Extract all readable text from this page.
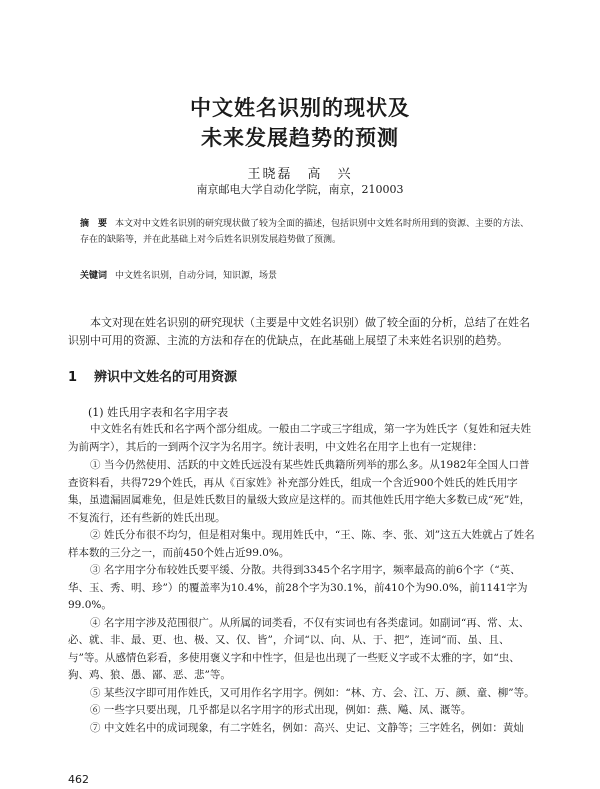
中文姓名识别的现状及
未来发展趋势的预测
王晓磊　高　兴
南京邮电大学自动化学院，南京，210003
摘　要 本文对中文姓名识别的研究现状做了较为全面的描述，包括识别中文姓名时所用到的资源、主要的方法、存在的缺陷等，并在此基础上对今后姓名识别发展趋势做了预测。
关键词 中文姓名识别，自动分词，知识源，场景
本文对现在姓名识别的研究现状（主要是中文姓名识别）做了较全面的分析，总结了在姓名识别中可用的资源、主流的方法和存在的优缺点，在此基础上展望了未来姓名识别的趋势。
1 辨识中文姓名的可用资源
(1) 姓氏用字表和名字用字表

中文姓名有姓氏和名字两个部分组成。一般由二字或三字组成，第一字为姓氏字（复姓和冠夫姓为前两字），其后的一到两个汉字为名用字。统计表明，中文姓名在用字上也有一定规律：

① 当今仍然使用、活跃的中文姓氏远没有某些姓氏典籍所列举的那么多。从1982年全国人口普查资料看，共得729个姓氏，再从《百家姓》补充部分姓氏，组成一个含近900个姓氏的姓氏用字集，虽遗漏固属难免，但是姓氏数目的量级大致应是这样的。而其他姓氏用字绝大多数已成“死”姓，不复流行，还有些新的姓氏出现。

② 姓氏分布很不均匀，但是相对集中。现用姓氏中，“王、陈、李、张、刘”这五大姓就占了姓名样本数的三分之一，而前450个姓占近99.0%。

③ 名字用字分布较姓氏要平缓、分散。共得到3345个名字用字，频率最高的前6个字（“英、华、玉、秀、明、珍”）的覆盖率为10.4%，前28个字为30.1%，前410个为90.0%，前1141字为99.0%。

④ 名字用字涉及范围很广。从所属的词类看，不仅有实词也有各类虚词。如副词“再、常、太、必、就、非、最、更、也、极、又、仅、皆”，介词“以、向、从、于、把”，连词“而、虽、且、与”等。从感情色彩看，多使用褒义字和中性字，但是也出现了一些贬义字或不太雅的字，如“虫、狗、鸡、狼、愚、鄙、恶、悲”等。

⑤ 某些汉字即可用作姓氏，又可用作名字用字。例如：“林、方、会、江、万、颜、童、柳”等。

⑥ 一些字只要出现，几乎都是以名字用字的形式出现，例如：燕、飚、凤、溉等。

⑦ 中文姓名中的成词现象，有二字姓名，例如：高兴、史记、文静等；三字姓名，例如：黄灿

462
